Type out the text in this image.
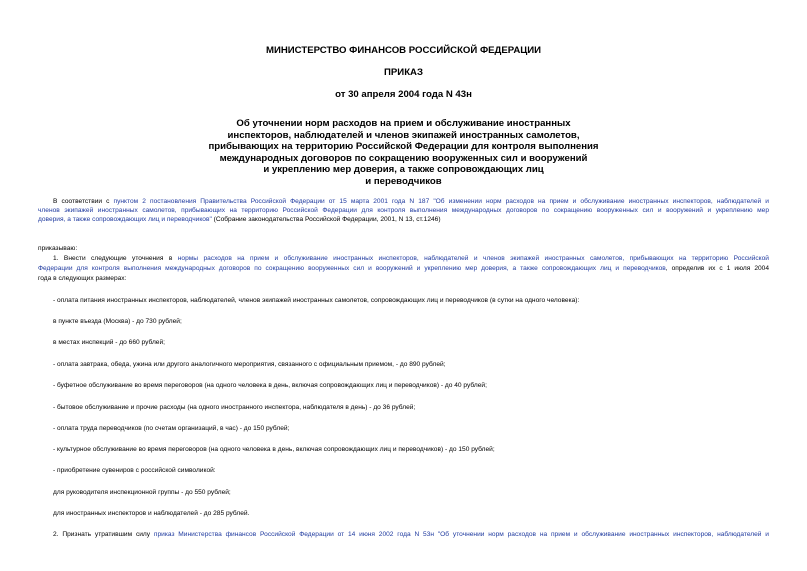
МИНИСТЕРСТВО ФИНАНСОВ РОССИЙСКОЙ ФЕДЕРАЦИИ
ПРИКАЗ
от 30 апреля 2004 года N 43н
Об уточнении норм расходов на прием и обслуживание иностранных
инспекторов, наблюдателей и членов экипажей иностранных самолетов,
прибывающих на территорию Российской Федерации для контроля выполнения
международных договоров по сокращению вооруженных сил и вооружений
и укреплению мер доверия, а также сопровождающих лиц
и переводчиков
В соответствии с пунктом 2 постановления Правительства Российской Федерации от 15 марта 2001 года N 187 "Об изменении норм расходов на прием и обслуживание иностранных инспекторов, наблюдателей и
членов экипажей иностранных самолетов, прибывающих на территорию Российской Федерации для контроля выполнения международных договоров по сокращению вооруженных сил и вооружений и укреплению мер
доверия, а также сопровождающих лиц и переводчиков" (Собрание законодательства Российской Федерации, 2001, N 13, ст.1246)
приказываю:
1. Внести следующие уточнения в нормы расходов на прием и обслуживание иностранных инспекторов, наблюдателей и членов экипажей иностранных самолетов, прибывающих на территорию Российской
Федерации для контроля выполнения международных договоров по сокращению вооруженных сил и вооружений и укреплению мер доверия, а также сопровождающих лиц и переводчиков, определив их с 1 июля 2004
года в следующих размерах:
- оплата питания иностранных инспекторов, наблюдателей, членов экипажей иностранных самолетов, сопровождающих лиц и переводчиков (в сутки на одного человека):
в пункте въезда (Москва) - до 730 рублей;
в местах инспекций - до 660 рублей;
- оплата завтрака, обеда, ужина или другого аналогичного мероприятия, связанного с официальным приемом, - до 890 рублей;
- буфетное обслуживание во время переговоров (на одного человека в день, включая сопровождающих лиц и переводчиков) - до 40 рублей;
- бытовое обслуживание и прочие расходы (на одного иностранного инспектора, наблюдателя в день) - до 36 рублей;
- оплата труда переводчиков (по счетам организаций, в час) - до 150 рублей;
- культурное обслуживание во время переговоров (на одного человека в день, включая сопровождающих лиц и переводчиков) - до 150 рублей;
- приобретение сувениров с российской символикой:
для руководителя инспекционной группы - до 550 рублей;
для иностранных инспекторов и наблюдателей - до 285 рублей.
2. Признать утратившим силу приказ Министерства финансов Российской Федерации от 14 июня 2002 года N 53н "Об уточнении норм расходов на прием и обслуживание иностранных инспекторов, наблюдателей и
